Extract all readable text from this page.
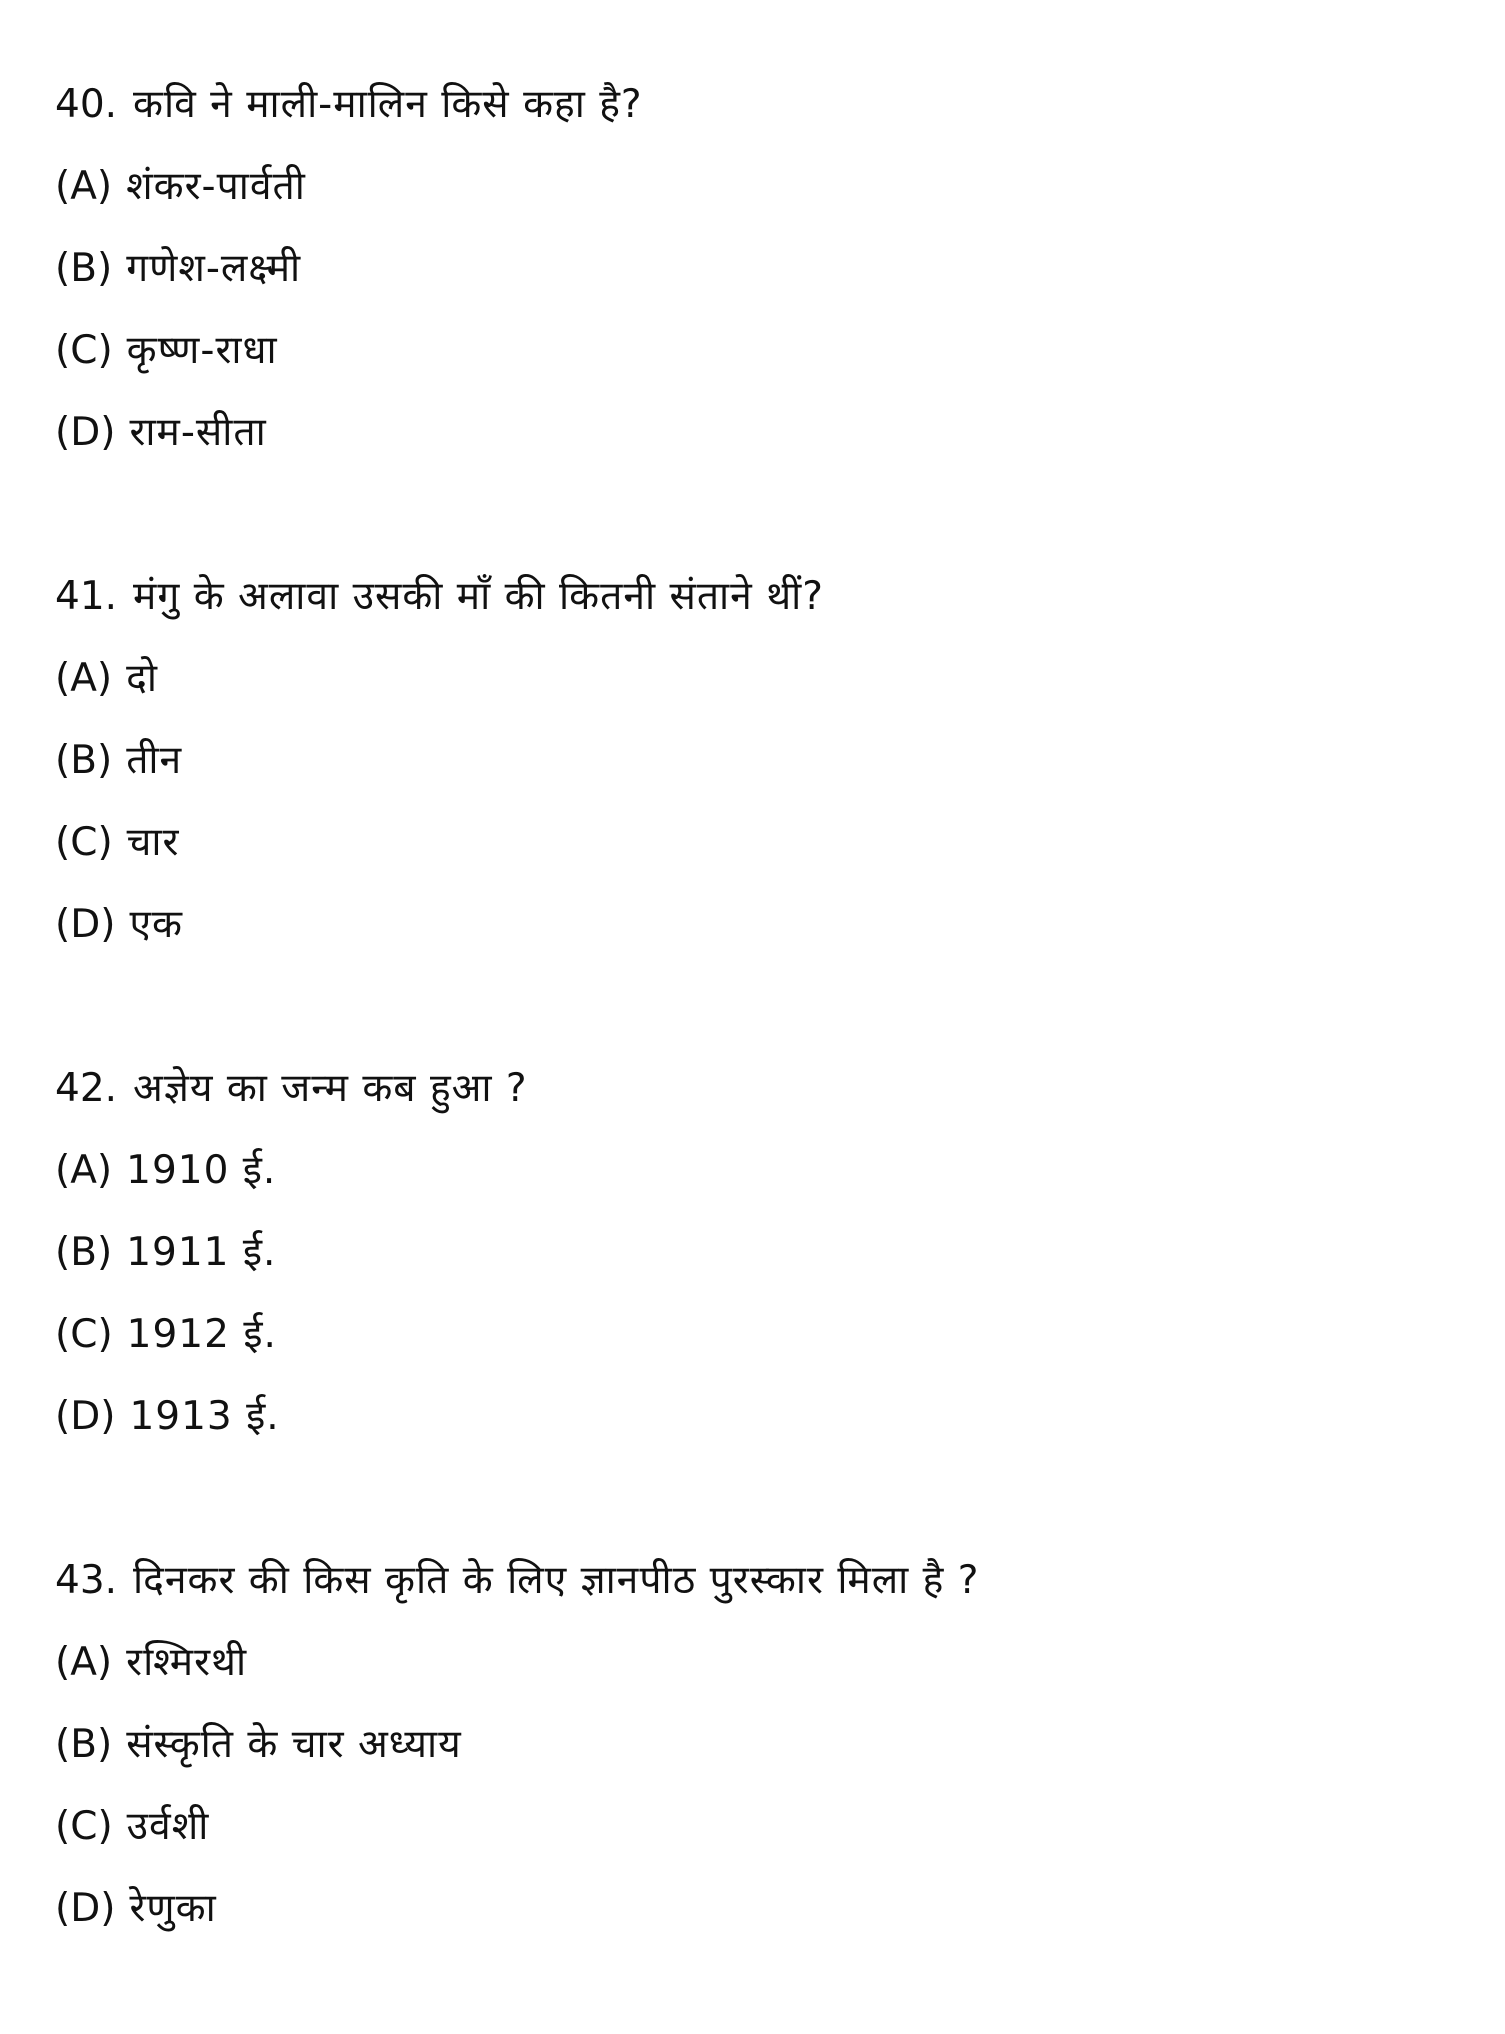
40. कवि ने माली-मालिन किसे कहा है?
(A) शंकर-पार्वती
(B) गणेश-लक्ष्मी
(C) कृष्ण-राधा
(D) राम-सीता
41. मंगु के अलावा उसकी माँ की कितनी संताने थीं?
(A) दो
(B) तीन
(C) चार
(D) एक
42. अज्ञेय का जन्म कब हुआ ?
(A) 1910 ई.
(B) 1911 ई.
(C) 1912 ई.
(D) 1913 ई.
43. दिनकर की किस कृति के लिए ज्ञानपीठ पुरस्कार मिला है ?
(A) रश्मिरथी
(B) संस्कृति के चार अध्याय
(C) उर्वशी
(D) रेणुका
